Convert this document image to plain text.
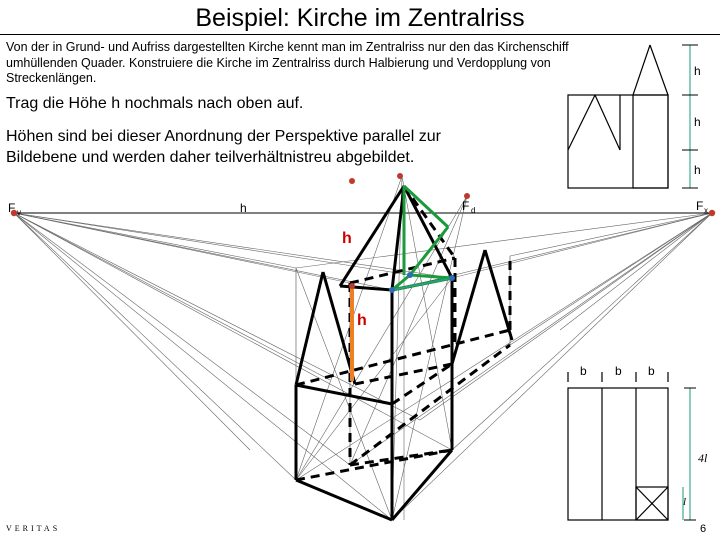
Beispiel: Kirche im Zentralriss
Von der in Grund- und Aufriss dargestellten Kirche kennt man im Zentralriss nur den das Kirchenschiff umhüllenden Quader. Konstruiere die Kirche im Zentralriss durch Halbierung und Verdopplung von Streckenlängen.
Trag die Höhe h nochmals nach oben auf.
Höhen sind bei dieser Anordnung der Perspektive parallel zur Bildebene und werden daher teilverhältnistreu abgebildet.
F v	F x
F d
h
h
h
h
h
h
b b b
4l
l
VERITAS	6
